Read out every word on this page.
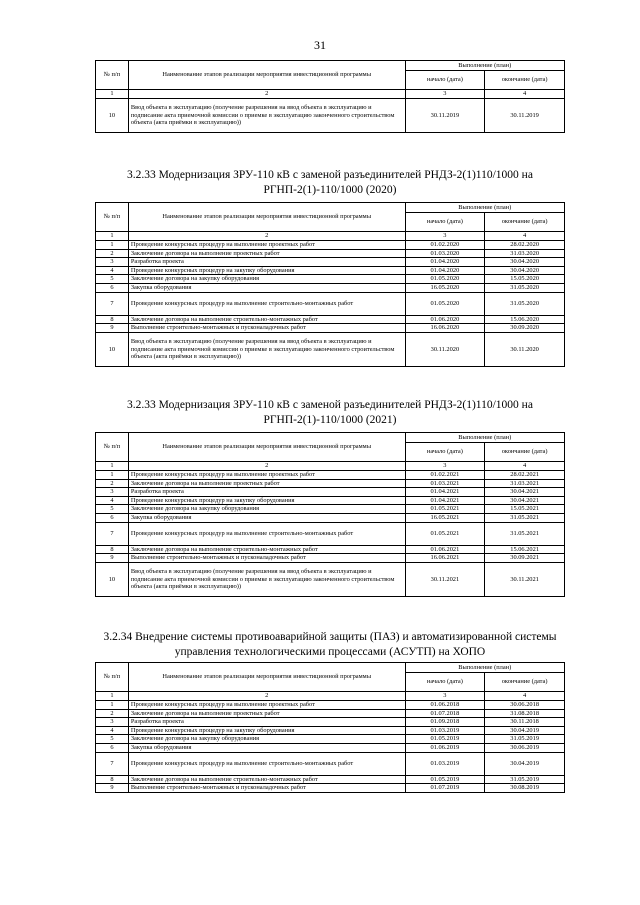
31
№ п/п	Наименование этапов реализации мероприятия инвестиционной программы	Выполнение (план)	
		начало (дата)	окончание (дата)
1	2	3	4
10	Ввод объекта в эксплуатацию (получение разрешения на ввод объекта в эксплуатацию и подписание акта приемочной комиссии о приемке в эксплуатацию законченного строительством объекта (акта приёмки в эксплуатацию))	30.11.2019	30.11.2019
3.2.33 Модернизация ЗРУ-110 кВ с заменой разъединителей РНДЗ-2(1)110/1000 на РГНП-2(1)-110/1000 (2020)
№ п/п	Наименование этапов реализации мероприятия инвестиционной программы	Выполнение (план)	
		начало (дата)	окончание (дата)
1	2	3	4
1	Проведение конкурсных процедур на выполнение проектных работ	01.02.2020	28.02.2020
2	Заключение договора на выполнение проектных работ	01.03.2020	31.03.2020
3	Разработка проекта	01.04.2020	30.04.2020
4	Проведение конкурсных процедур на закупку оборудования	01.04.2020	30.04.2020
5	Заключение договора на закупку оборудования	01.05.2020	15.05.2020
6	Закупка оборудования	16.05.2020	31.05.2020
7	Проведение конкурсных процедур на выполнение строительно-монтажных работ	01.05.2020	31.05.2020
8	Заключение договора на выполнение строительно-монтажных работ	01.06.2020	15.06.2020
9	Выполнение строительно-монтажных и пусконаладочных работ	16.06.2020	30.09.2020
10	Ввод объекта в эксплуатацию (получение разрешения на ввод объекта в эксплуатацию и подписание акта приемочной комиссии о приемке в эксплуатацию законченного строительством объекта (акта приёмки в эксплуатацию))	30.11.2020	30.11.2020
3.2.33 Модернизация ЗРУ-110 кВ с заменой разъединителей РНДЗ-2(1)110/1000 на РГНП-2(1)-110/1000 (2021)
№ п/п	Наименование этапов реализации мероприятия инвестиционной программы	Выполнение (план)	
		начало (дата)	окончание (дата)
1	2	3	4
1	Проведение конкурсных процедур на выполнение проектных работ	01.02.2021	28.02.2021
2	Заключение договора на выполнение проектных работ	01.03.2021	31.03.2021
3	Разработка проекта	01.04.2021	30.04.2021
4	Проведение конкурсных процедур на закупку оборудования	01.04.2021	30.04.2021
5	Заключение договора на закупку оборудования	01.05.2021	15.05.2021
6	Закупка оборудования	16.05.2021	31.05.2021
7	Проведение конкурсных процедур на выполнение строительно-монтажных работ	01.05.2021	31.05.2021
8	Заключение договора на выполнение строительно-монтажных работ	01.06.2021	15.06.2021
9	Выполнение строительно-монтажных и пусконаладочных работ	16.06.2021	30.09.2021
10	Ввод объекта в эксплуатацию (получение разрешения на ввод объекта в эксплуатацию и подписание акта приемочной комиссии о приемке в эксплуатацию законченного строительством объекта (акта приёмки в эксплуатацию))	30.11.2021	30.11.2021
3.2.34 Внедрение системы противоаварийной защиты (ПАЗ) и автоматизированной системы управления технологическими процессами (АСУТП) на ХОПО
№ п/п	Наименование этапов реализации мероприятия инвестиционной программы	Выполнение (план)	
		начало (дата)	окончание (дата)
1	2	3	4
1	Проведение конкурсных процедур на выполнение проектных работ	01.06.2018	30.06.2018
2	Заключение договора на выполнение проектных работ	01.07.2018	31.08.2018
3	Разработка проекта	01.09.2018	30.11.2018
4	Проведение конкурсных процедур на закупку оборудования	01.03.2019	30.04.2019
5	Заключение договора на закупку оборудования	01.05.2019	31.05.2019
6	Закупка оборудования	01.06.2019	30.06.2019
7	Проведение конкурсных процедур на выполнение строительно-монтажных работ	01.03.2019	30.04.2019
8	Заключение договора на выполнение строительно-монтажных работ	01.05.2019	31.05.2019
9	Выполнение строительно-монтажных и пусконаладочных работ	01.07.2019	30.08.2019
